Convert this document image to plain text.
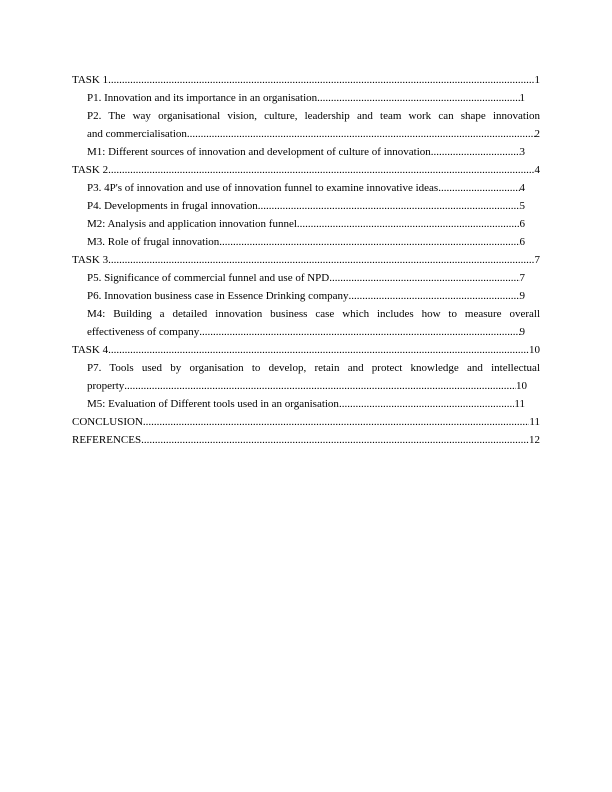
TASK 1 .....	1
P1. Innovation and its importance in an organisation .....	1
P2. The way organisational vision, culture, leadership and team work can shape innovation
and commercialisation .....	2
M1: Different sources of innovation and development of culture of innovation .....	3
TASK 2 .....	4
P3. 4P's of innovation and use of innovation funnel to examine innovative ideas .....	4
P4. Developments in frugal innovation .....	5
M2: Analysis and application innovation funnel .....	6
M3. Role of frugal innovation .....	6
TASK 3 .....	7
P5. Significance of commercial funnel and use of NPD .....	7
P6. Innovation business case in Essence Drinking company .....	9
M4: Building a detailed innovation business case which includes how to measure overall
effectiveness of company .....	9
TASK 4 .....	10
P7. Tools used by organisation to develop, retain and protect knowledge and intellectual
property .....	10
M5: Evaluation of Different tools used in an organisation .....	11
CONCLUSION .....	11
REFERENCES .....	12
